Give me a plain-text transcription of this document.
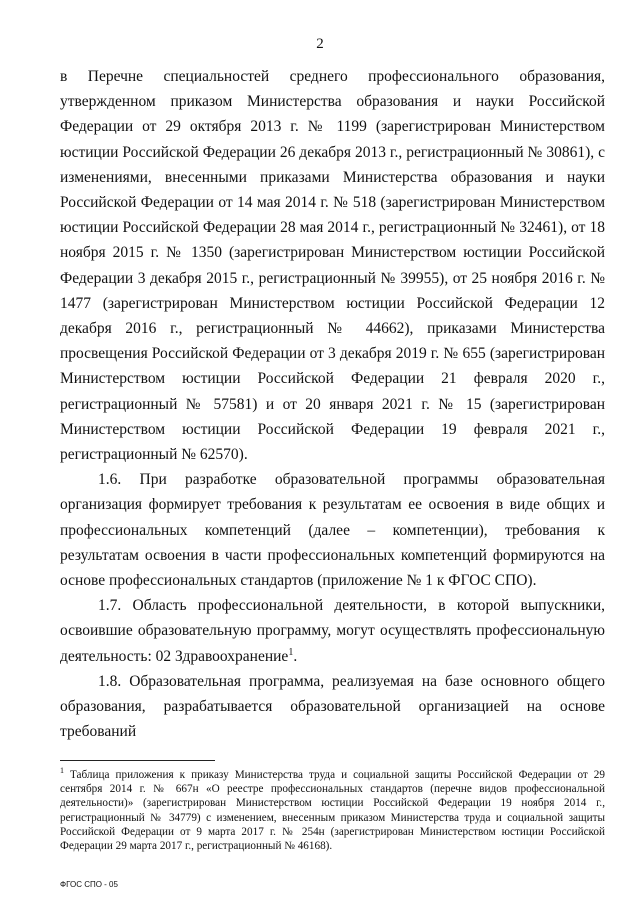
2

в Перечне специальностей среднего профессионального образования, утвержденном приказом Министерства образования и науки Российской Федерации от 29 октября 2013 г. № 1199 (зарегистрирован Министерством юстиции Российской Федерации 26 декабря 2013 г., регистрационный № 30861), с изменениями, внесенными приказами Министерства образования и науки Российской Федерации от 14 мая 2014 г. № 518 (зарегистрирован Министерством юстиции Российской Федерации 28 мая 2014 г., регистрационный № 32461), от 18 ноября 2015 г. № 1350 (зарегистрирован Министерством юстиции Российской Федерации 3 декабря 2015 г., регистрационный № 39955), от 25 ноября 2016 г. № 1477 (зарегистрирован Министерством юстиции Российской Федерации 12 декабря 2016 г., регистрационный № 44662), приказами Министерства просвещения Российской Федерации от 3 декабря 2019 г. № 655 (зарегистрирован Министерством юстиции Российской Федерации 21 февраля 2020 г., регистрационный № 57581) и от 20 января 2021 г. № 15 (зарегистрирован Министерством юстиции Российской Федерации 19 февраля 2021 г., регистрационный № 62570).

1.6. При разработке образовательной программы образовательная организация формирует требования к результатам ее освоения в виде общих и профессиональных компетенций (далее – компетенции), требования к результатам освоения в части профессиональных компетенций формируются на основе профессиональных стандартов (приложение № 1 к ФГОС СПО).

1.7. Область профессиональной деятельности, в которой выпускники, освоившие образовательную программу, могут осуществлять профессиональную деятельность: 02 Здравоохранение$^1$.

1.8. Образовательная программа, реализуемая на базе основного общего образования, разрабатывается образовательной организацией на основе требований

$^1$ Таблица приложения к приказу Министерства труда и социальной защиты Российской Федерации от 29 сентября 2014 г. № 667н «О реестре профессиональных стандартов (перечне видов профессиональной деятельности)» (зарегистрирован Министерством юстиции Российской Федерации 19 ноября 2014 г., регистрационный № 34779) с изменением, внесенным приказом Министерства труда и социальной защиты Российской Федерации от 9 марта 2017 г. № 254н (зарегистрирован Министерством юстиции Российской Федерации 29 марта 2017 г., регистрационный № 46168).
ФГОС СПО - 05
